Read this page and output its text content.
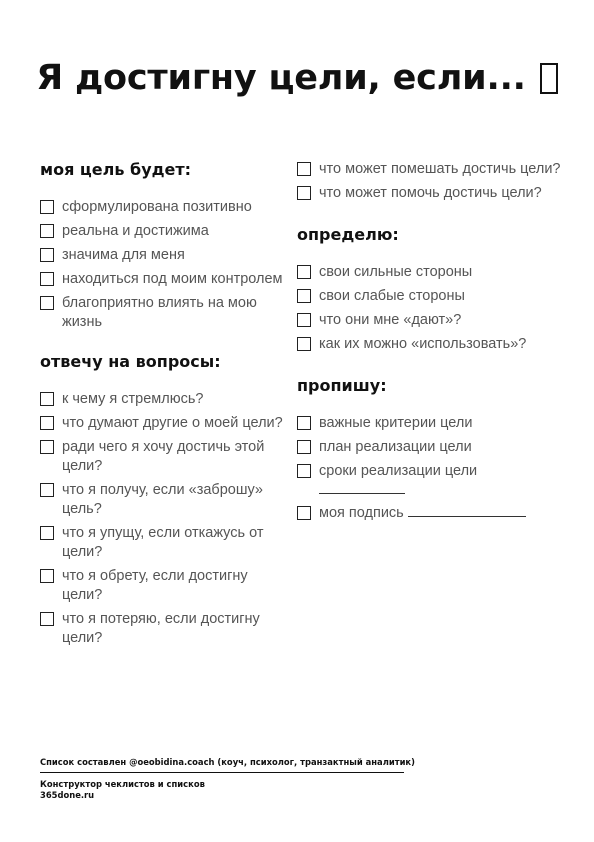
Я достигну цели, если...
моя цель будет:
сформулирована позитивно
реальна и достижима
значима для меня
находиться под моим контролем
благоприятно влиять на мою жизнь
отвечу на вопросы:
к чему я стремлюсь?
что думают другие о моей цели?
ради чего я хочу достичь этой цели?
что я получу, если «заброшу» цель?
что я упущу, если откажусь от цели?
что я обрету, если достигну цели?
что я потеряю, если достигну цели?
что может помешать достичь цели?
что может помочь достичь цели?
определю:
свои сильные стороны
свои слабые стороны
что они мне «дают»?
как их можно «использовать»?
пропишу:
важные критерии цели
план реализации цели
сроки реализации цели
моя подпись
Список составлен @oeobidina.coach (коуч, психолог, транзактный аналитик)
Конструктор чеклистов и списков
365done.ru
